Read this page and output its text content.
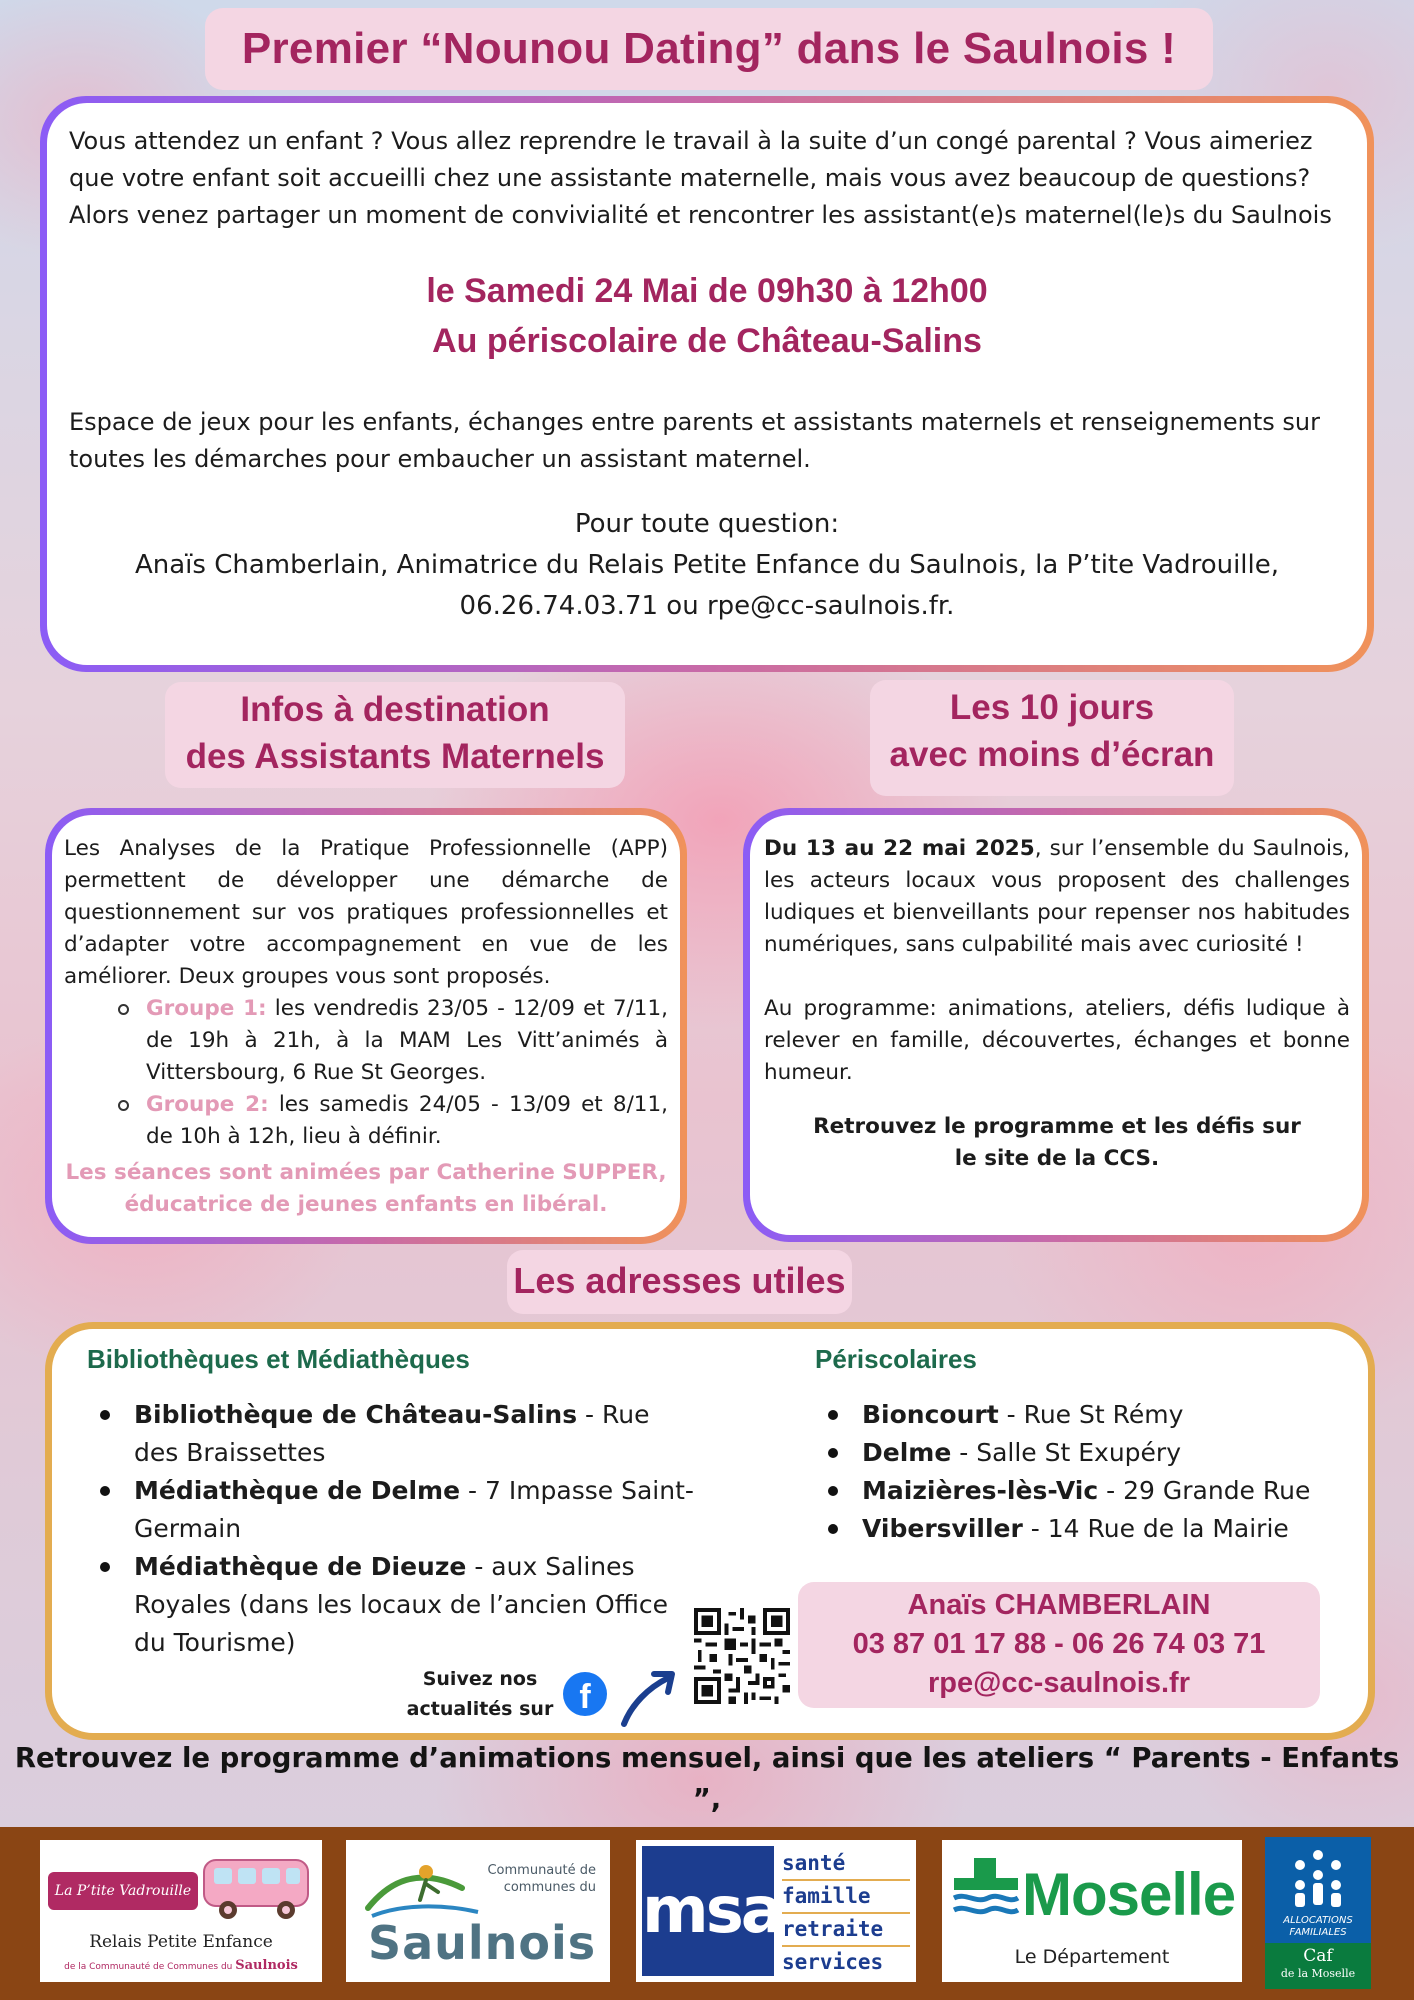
Premier “Nounou Dating” dans le Saulnois !

Vous attendez un enfant ? Vous allez reprendre le travail à la suite d’un congé parental ? Vous aimeriez que votre enfant soit accueilli chez une assistante maternelle, mais vous avez beaucoup de questions? Alors venez partager un moment de convivialité et rencontrer les assistant(e)s maternel(le)s du Saulnois

le Samedi 24 Mai de 09h30 à 12h00
Au périscolaire de Château-Salins

Espace de jeux pour les enfants, échanges entre parents et assistants maternels et renseignements sur toutes les démarches pour embaucher un assistant maternel.

Pour toute question:
Anaïs Chamberlain, Animatrice du Relais Petite Enfance du Saulnois, la P’tite Vadrouille,
06.26.74.03.71 ou rpe@cc-saulnois.fr.
Infos à destination
des Assistants Maternels
Les 10 jours
avec moins d’écran

Les Analyses de la Pratique Professionnelle (APP) permettent de développer une démarche de questionnement sur vos pratiques professionnelles et d’adapter votre accompagnement en vue de les améliorer. Deux groupes vous sont proposés.

Groupe 1: les vendredis 23/05 - 12/09 et 7/11, de 19h à 21h, à la MAM Les Vitt’animés à Vittersbourg, 6 Rue St Georges.
Groupe 2: les samedis 24/05 - 13/09 et 8/11, de 10h à 12h, lieu à définir.
Les séances sont animées par Catherine SUPPER,
éducatrice de jeunes enfants en libéral.

Du 13 au 22 mai 2025, sur l’ensemble du Saulnois, les acteurs locaux vous proposent des challenges ludiques et bienveillants pour repenser nos habitudes numériques, sans culpabilité mais avec curiosité !

Au programme: animations, ateliers, défis ludique à relever en famille, découvertes, échanges et bonne humeur.

Retrouvez le programme et les défis sur
le site de la CCS.
Les adresses utiles
Bibliothèques et Médiathèques
Bibliothèque de Château-Salins - Rue des Braissettes
Médiathèque de Delme - 7 Impasse Saint-Germain
Médiathèque de Dieuze - aux Salines Royales (dans les locaux de l’ancien Office du Tourisme)
Périscolaires
Bioncourt - Rue St Rémy
Delme - Salle St Exupéry
Maizières-lès-Vic - 29 Grande Rue
Vibersviller - 14 Rue de la Mairie
Anaïs CHAMBERLAIN
03 87 01 17 88 - 06 26 74 03 71
rpe@cc-saulnois.fr
Suivez nos
actualités sur f
Retrouvez le programme d’animations mensuel, ainsi que les ateliers “ Parents - Enfants ”,
La P’tite Vadrouille
Relais Petite Enfance
de la Communauté de Communes du Saulnois
Communauté de
communes du
Saulnois msa
santé
famille
retraite
services
Moselle
Le Département
ALLOCATIONS
FAMILIALES
Caf
de la Moselle
